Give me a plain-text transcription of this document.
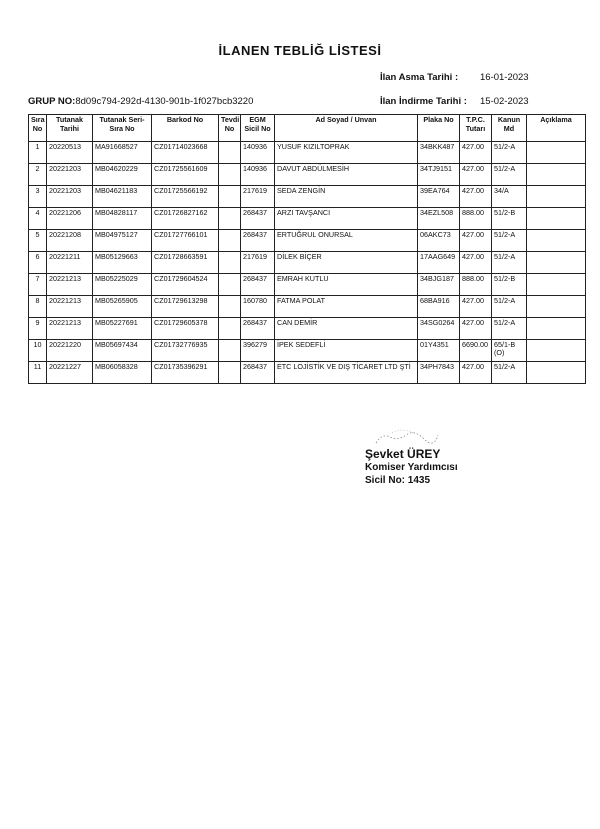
İLANEN TEBLİĞ LİSTESİ
İlan Asma Tarihi : 16-01-2023
GRUP NO:8d09c794-292d-4130-901b-1f027bcb3220	İlan İndirme Tarihi : 15-02-2023
Sıra No	Tutanak Tarihi	Tutanak Seri-Sıra No	Barkod No	Tevdi No	EGM Sicil No	Ad Soyad / Unvan	Plaka No	T.P.C. Tutarı	Kanun Md	Açıklama
1	20220513	MA91668527	CZ01714023668		140936	YUSUF KIZILTOPRAK	34BKK487	427.00	51/2-A	
2	20221203	MB04620229	CZ01725561609		140936	DAVUT ABDÜLMESİH	34TJ9151	427.00	51/2-A	
3	20221203	MB04621183	CZ01725566192		217619	SEDA ZENGİN	39EA764	427.00	34/A	
4	20221206	MB04828117	CZ01726827162		268437	ARZI TAVŞANCI	34EZL508	888.00	51/2-B	
5	20221208	MB04975127	CZ01727766101		268437	ERTUĞRUL ONURSAL	06AKC73	427.00	51/2-A	
6	20221211	MB05129663	CZ01728663591		217619	DİLEK BİÇER	17AAG649	427.00	51/2-A	
7	20221213	MB05225029	CZ01729604524		268437	EMRAH KUTLU	34BJG187	888.00	51/2-B	
8	20221213	MB05265905	CZ01729613298		160780	FATMA POLAT	68BA916	427.00	51/2-A	
9	20221213	MB05227691	CZ01729605378		268437	CAN DEMİR	34SG0264	427.00	51/2-A	
10	20221220	MB05697434	CZ01732776935		396279	İPEK SEDEFLİ	01Y4351	6690.00	65/1-B (O)	
11	20221227	MB06058328	CZ01735396291		268437	ETC LOJİSTİK VE DIŞ TİCARET LTD ŞTİ	34PH7843	427.00	51/2-A	
Şevket ÜREY
Komiser Yardımcısı
Sicil No: 1435
